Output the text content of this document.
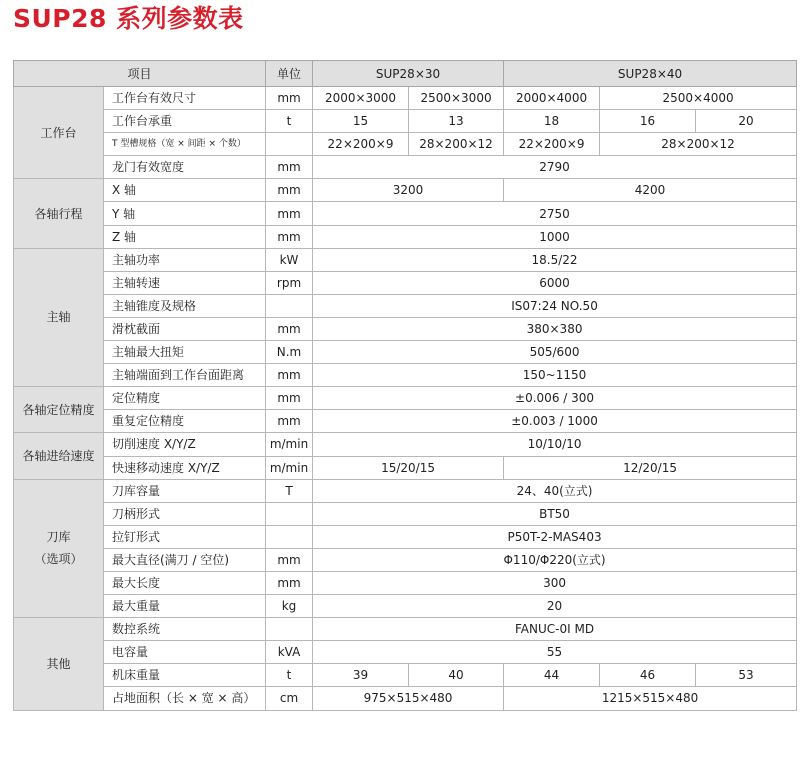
SUP28 系列参数表
项目		单位	SUP28×30		SUP28×40		
工作台	工作台有效尺寸	mm	2000×3000	2500×3000	2000×4000	2500×4000	
	工作台承重	t	15	13	18	16	20
	T 型槽规格（宽 × 间距 × 个数）		22×200×9	28×200×12	22×200×9	28×200×12	
	龙门有效宽度	mm	2790				
各轴行程	X 轴	mm	3200		4200		
	Y 轴	mm	2750				
	Z 轴	mm	1000				
主轴	主轴功率	kW	18.5/22				
	主轴转速	rpm	6000				
	主轴锥度及规格		IS07:24 NO.50				
	滑枕截面	mm	380×380				
	主轴最大扭矩	N.m	505/600				
	主轴端面到工作台面距离	mm	150~1150				
各轴定位精度	定位精度	mm	±0.006 / 300				
	重复定位精度	mm	±0.003 / 1000				
各轴进给速度	切削速度 X/Y/Z	m/min	10/10/10				
	快速移动速度 X/Y/Z	m/min	15/20/15		12/20/15		
刀库
（选项）	刀库容量	T	24、40(立式)				
	刀柄形式		BT50				
	拉钉形式		P50T-2-MAS403				
	最大直径(满刀 / 空位)	mm	Φ110/Φ220(立式)				
	最大长度	mm	300				
	最大重量	kg	20				
其他	数控系统		FANUC-0I MD				
	电容量	kVA	55				
	机床重量	t	39	40	44	46	53
	占地面积（长 × 宽 × 高）	cm	975×515×480		1215×515×480		
